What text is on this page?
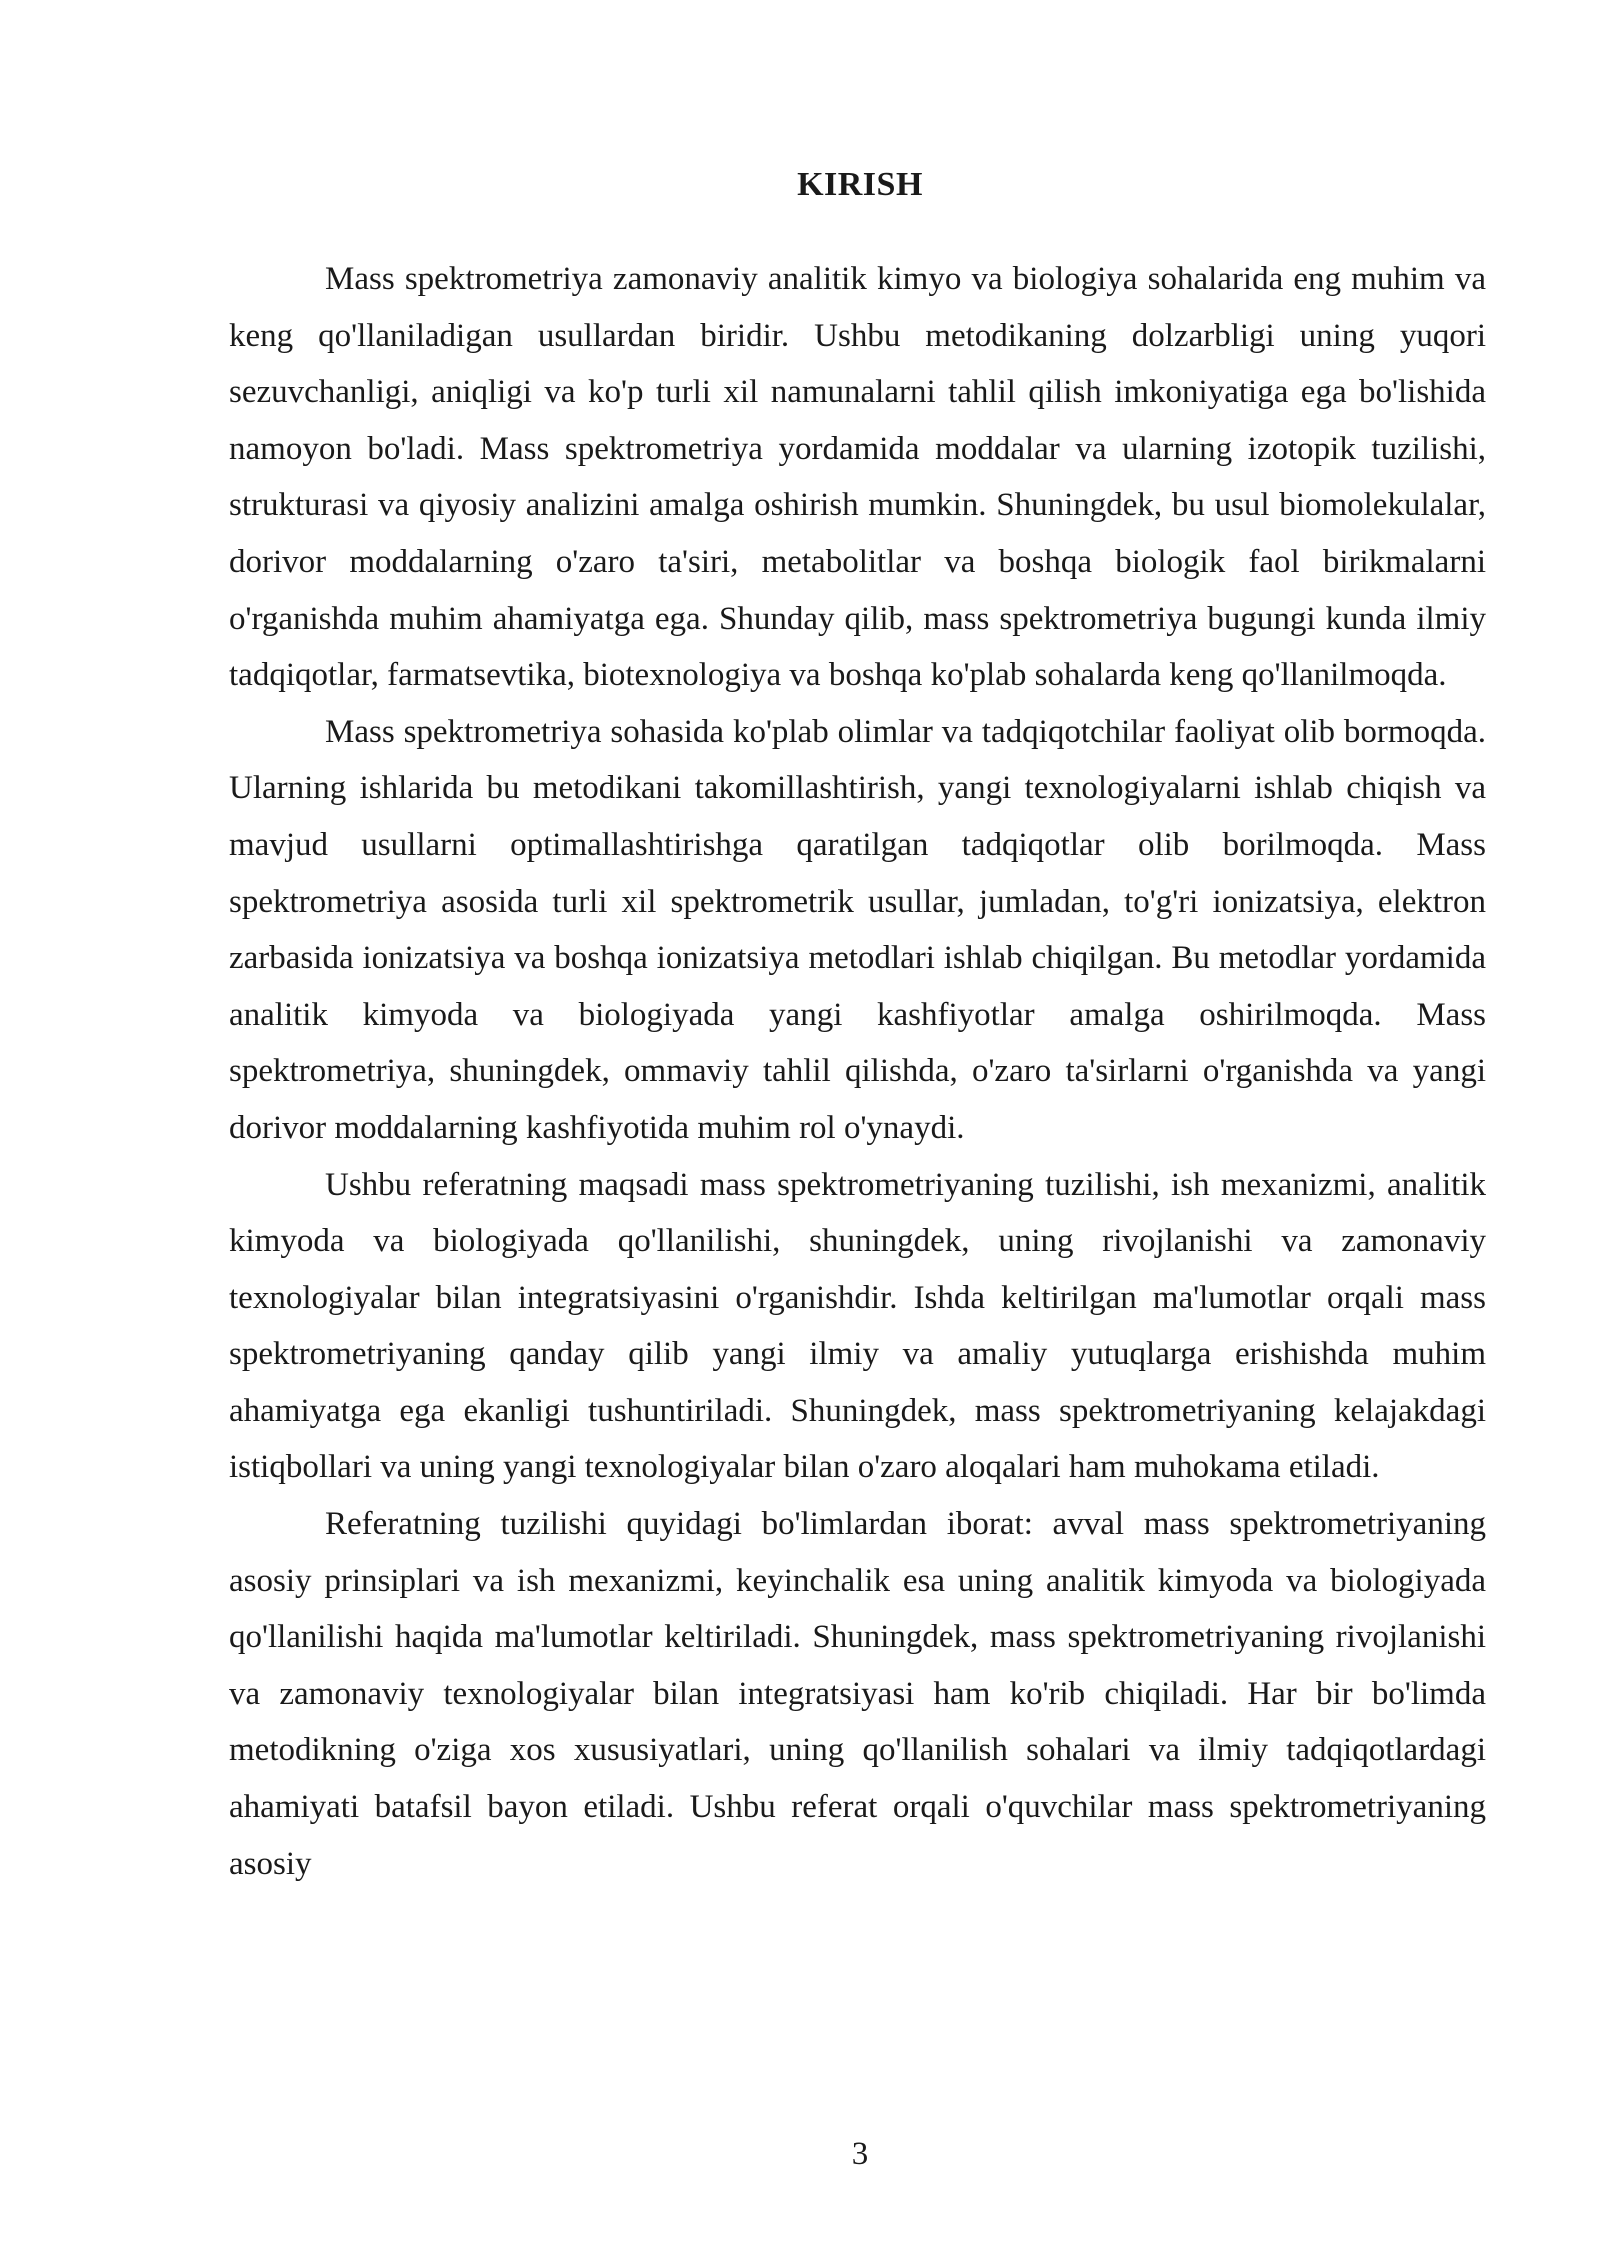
KIRISH

Mass spektrometriya zamonaviy analitik kimyo va biologiya sohalarida eng muhim va keng qo'llaniladigan usullardan biridir. Ushbu metodikaning dolzarbligi uning yuqori sezuvchanligi, aniqligi va ko'p turli xil namunalarni tahlil qilish imkoniyatiga ega bo'lishida namoyon bo'ladi. Mass spektrometriya yordamida moddalar va ularning izotopik tuzilishi, strukturasi va qiyosiy analizini amalga oshirish mumkin. Shuningdek, bu usul biomolekulalar, dorivor moddalarning o'zaro ta'siri, metabolitlar va boshqa biologik faol birikmalarni o'rganishda muhim ahamiyatga ega. Shunday qilib, mass spektrometriya bugungi kunda ilmiy tadqiqotlar, farmatsevtika, biotexnologiya va boshqa ko'plab sohalarda keng qo'llanilmoqda.

Mass spektrometriya sohasida ko'plab olimlar va tadqiqotchilar faoliyat olib bormoqda. Ularning ishlarida bu metodikani takomillashtirish, yangi texnologiyalarni ishlab chiqish va mavjud usullarni optimallashtirishga qaratilgan tadqiqotlar olib borilmoqda. Mass spektrometriya asosida turli xil spektrometrik usullar, jumladan, to'g'ri ionizatsiya, elektron zarbasida ionizatsiya va boshqa ionizatsiya metodlari ishlab chiqilgan. Bu metodlar yordamida analitik kimyoda va biologiyada yangi kashfiyotlar amalga oshirilmoqda. Mass spektrometriya, shuningdek, ommaviy tahlil qilishda, o'zaro ta'sirlarni o'rganishda va yangi dorivor moddalarning kashfiyotida muhim rol o'ynaydi.

Ushbu referatning maqsadi mass spektrometriyaning tuzilishi, ish mexanizmi, analitik kimyoda va biologiyada qo'llanilishi, shuningdek, uning rivojlanishi va zamonaviy texnologiyalar bilan integratsiyasini o'rganishdir. Ishda keltirilgan ma'lumotlar orqali mass spektrometriyaning qanday qilib yangi ilmiy va amaliy yutuqlarga erishishda muhim ahamiyatga ega ekanligi tushuntiriladi. Shuningdek, mass spektrometriyaning kelajakdagi istiqbollari va uning yangi texnologiyalar bilan o'zaro aloqalari ham muhokama etiladi.

Referatning tuzilishi quyidagi bo'limlardan iborat: avval mass spektrometriyaning asosiy prinsiplari va ish mexanizmi, keyinchalik esa uning analitik kimyoda va biologiyada qo'llanilishi haqida ma'lumotlar keltiriladi. Shuningdek, mass spektrometriyaning rivojlanishi va zamonaviy texnologiyalar bilan integratsiyasi ham ko'rib chiqiladi. Har bir bo'limda metodikning o'ziga xos xususiyatlari, uning qo'llanilish sohalari va ilmiy tadqiqotlardagi ahamiyati batafsil bayon etiladi. Ushbu referat orqali o'quvchilar mass spektrometriyaning asosiy

3
